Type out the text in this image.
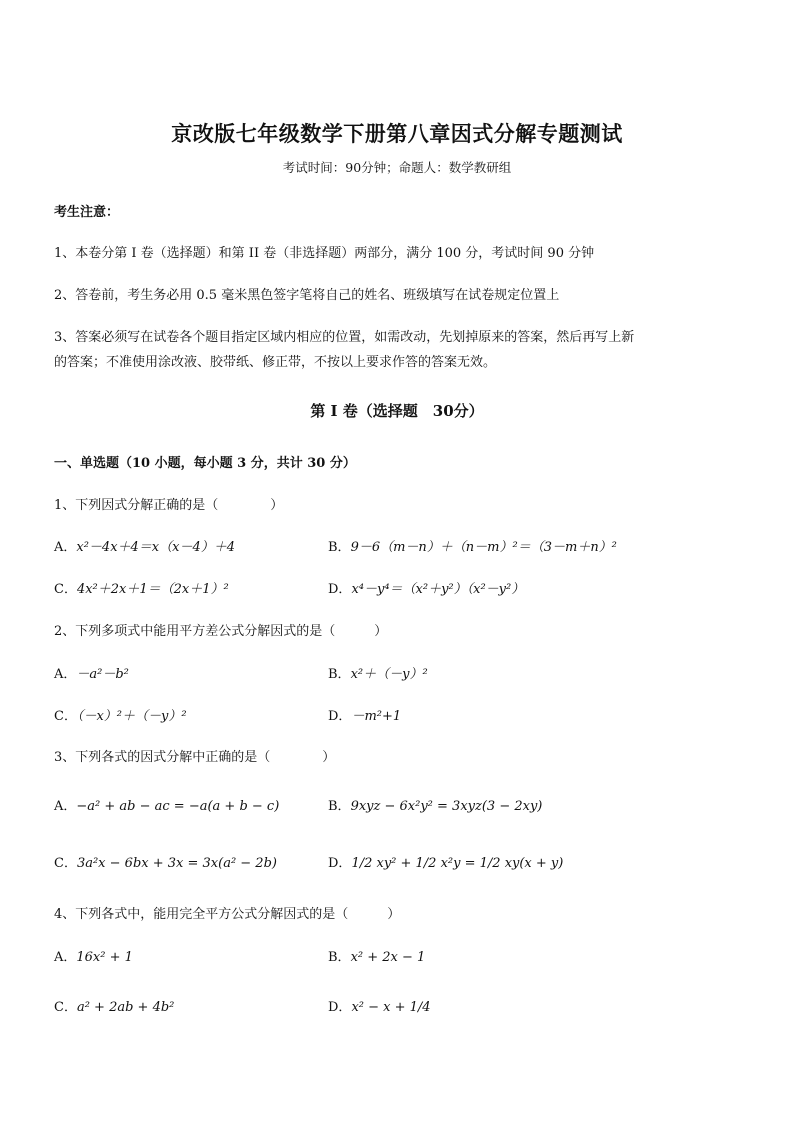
京改版七年级数学下册第八章因式分解专题测试
考试时间：90分钟；命题人：数学教研组
考生注意：
1、本卷分第 I 卷（选择题）和第 II 卷（非选择题）两部分，满分 100 分，考试时间 90 分钟
2、答卷前，考生务必用 0.5 毫米黑色签字笔将自己的姓名、班级填写在试卷规定位置上
3、答案必须写在试卷各个题目指定区域内相应的位置，如需改动，先划掉原来的答案，然后再写上新
的答案；不准使用涂改液、胶带纸、修正带，不按以上要求作答的答案无效。
第 I 卷（选择题　30分）
一、单选题（10 小题，每小题 3 分，共计 30 分）
1、下列因式分解正确的是（　　　　）
A．x²－4x＋4＝x（x－4）＋4	B．9－6（m－n）＋（n－m）²＝（3－m＋n）²
C．4x²＋2x＋1＝（2x＋1）²	D．x⁴－y⁴＝（x²＋y²）（x²－y²）
2、下列多项式中能用平方差公式分解因式的是（　　　）
A．－a²－b²	B．x²＋（－y）²
C．（－x）²＋（－y）²	D．－m²+1
3、下列各式的因式分解中正确的是（　　　　）
A．−a² + ab − ac = −a(a + b − c)	B．9xyz − 6x²y² = 3xyz(3 − 2xy)
C．3a²x − 6bx + 3x = 3x(a² − 2b)	D．1/2 xy² + 1/2 x²y = 1/2 xy(x + y)
4、下列各式中，能用完全平方公式分解因式的是（　　　）
A．16x² + 1	B．x² + 2x − 1
C．a² + 2ab + 4b²	D．x² − x + 1/4
